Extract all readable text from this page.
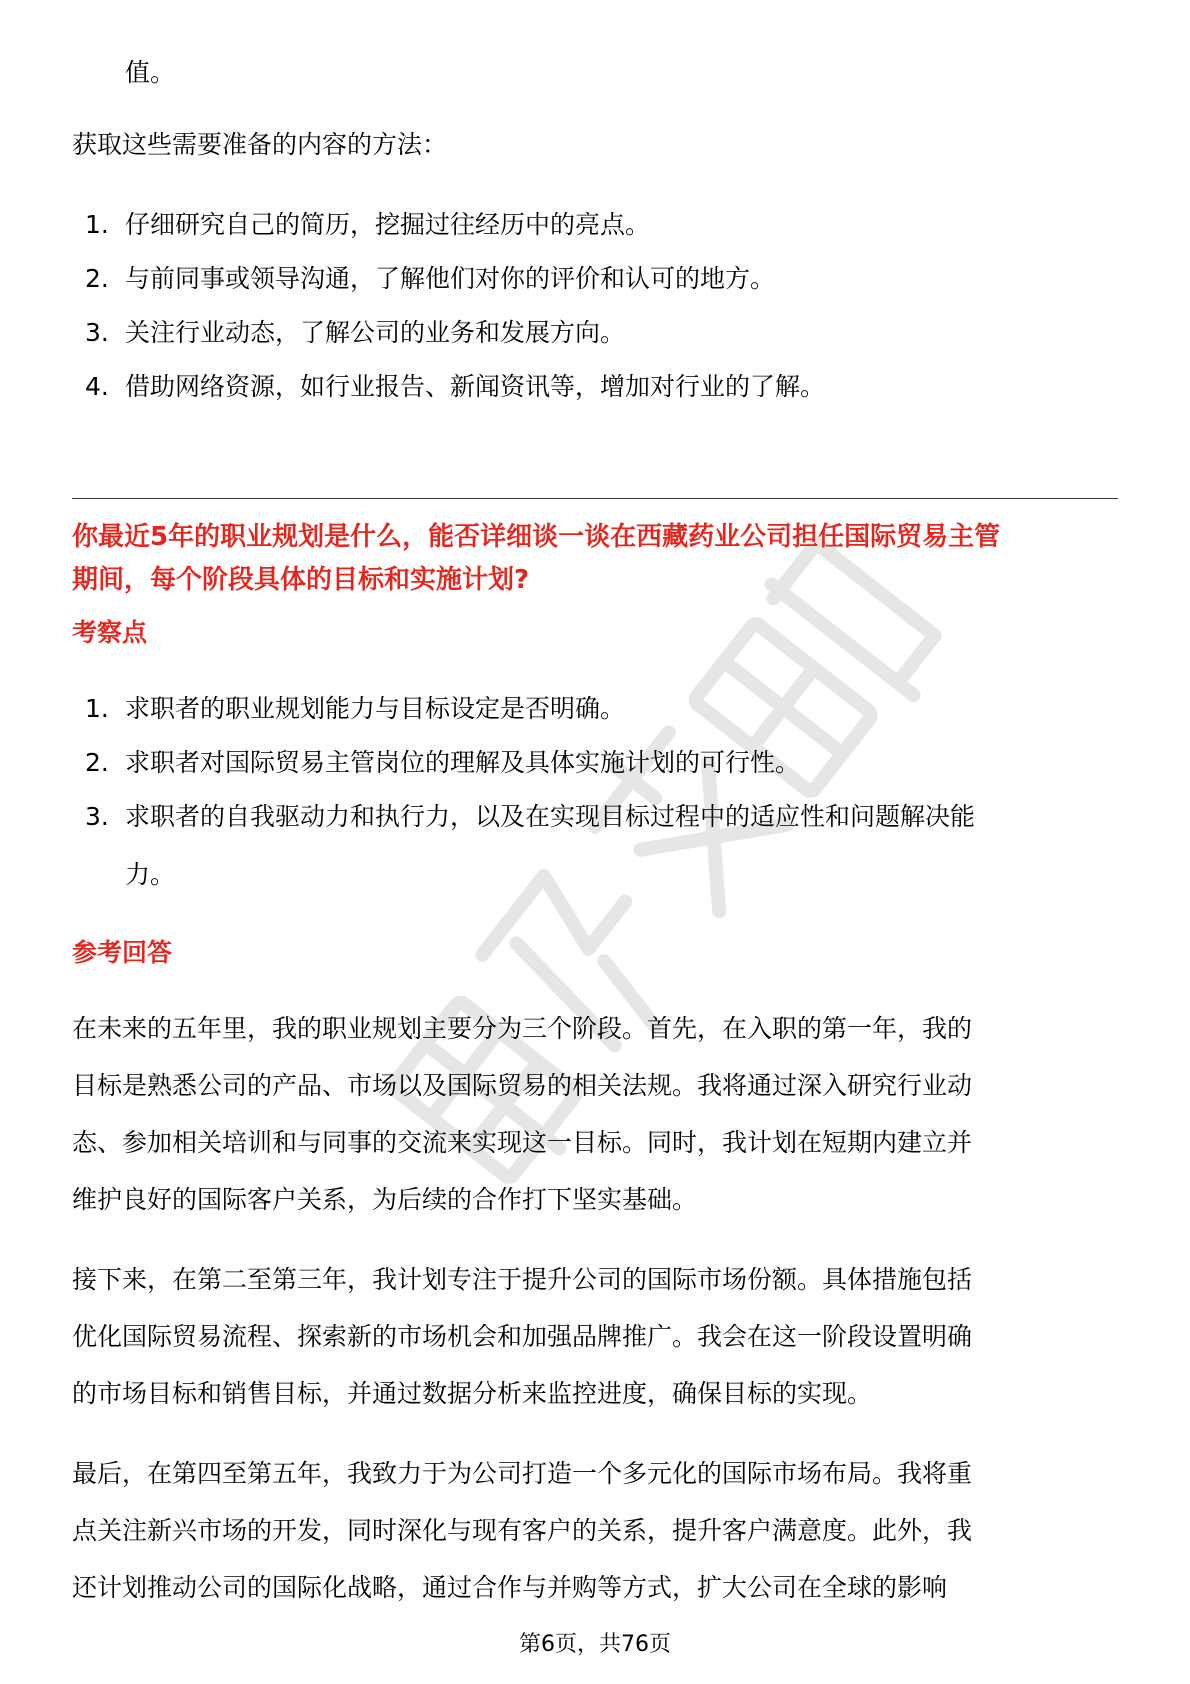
值。
获取这些需要准备的内容的方法：
1. 仔细研究自己的简历，挖掘过往经历中的亮点。
2. 与前同事或领导沟通，了解他们对你的评价和认可的地方。
3. 关注行业动态，了解公司的业务和发展方向。
4. 借助网络资源，如行业报告、新闻资讯等，增加对行业的了解。
你最近5年的职业规划是什么，能否详细谈一谈在西藏药业公司担任国际贸易主管
期间，每个阶段具体的目标和实施计划?
考察点
1. 求职者的职业规划能力与目标设定是否明确。
2. 求职者对国际贸易主管岗位的理解及具体实施计划的可行性。
3. 求职者的自我驱动力和执行力，以及在实现目标过程中的适应性和问题解决能
力。
参考回答
在未来的五年里，我的职业规划主要分为三个阶段。首先，在入职的第一年，我的
目标是熟悉公司的产品、市场以及国际贸易的相关法规。我将通过深入研究行业动
态、参加相关培训和与同事的交流来实现这一目标。同时，我计划在短期内建立并
维护良好的国际客户关系，为后续的合作打下坚实基础。
接下来，在第二至第三年，我计划专注于提升公司的国际市场份额。具体措施包括
优化国际贸易流程、探索新的市场机会和加强品牌推广。我会在这一阶段设置明确
的市场目标和销售目标，并通过数据分析来监控进度，确保目标的实现。
最后，在第四至第五年，我致力于为公司打造一个多元化的国际市场布局。我将重
点关注新兴市场的开发，同时深化与现有客户的关系，提升客户满意度。此外，我
还计划推动公司的国际化战略，通过合作与并购等方式，扩大公司在全球的影响
第6页，共76页
